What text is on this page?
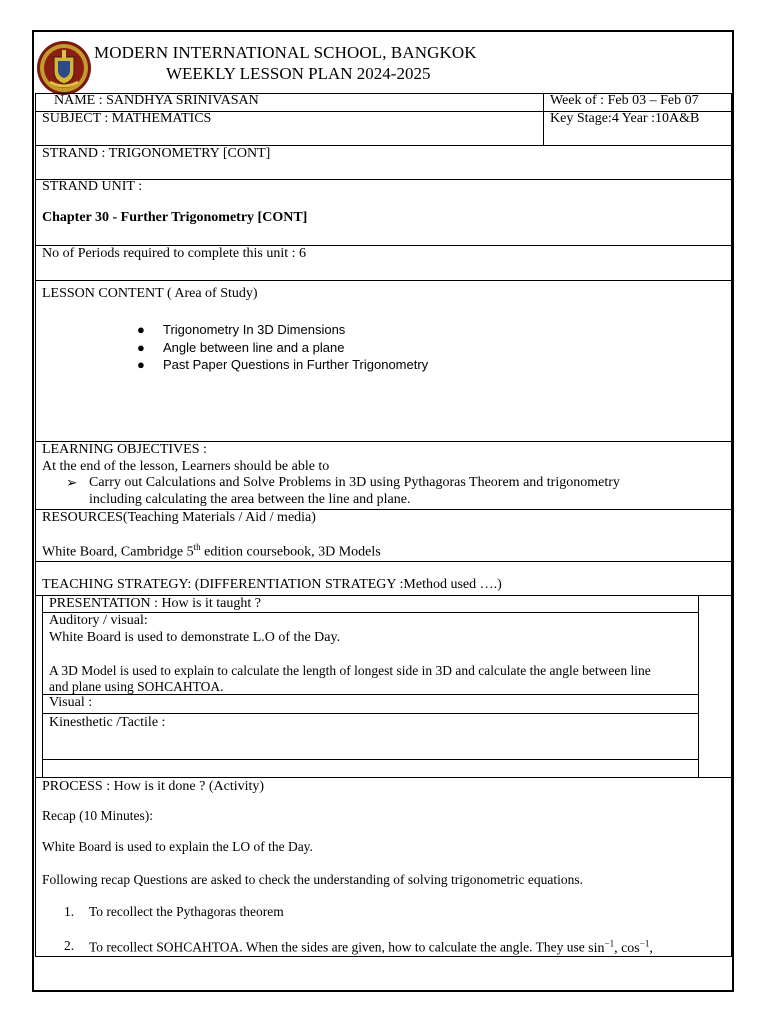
MODERN INTERNATIONAL SCHOOL, BANGKOK
WEEKLY LESSON PLAN 2024-2025
NAME : SANDHYA SRINIVASAN	Week of : Feb 03 – Feb 07
SUBJECT : MATHEMATICS	Key Stage:4 Year :10A&B
STRAND : TRIGONOMETRY [CONT]
STRAND UNIT :
Chapter 30 - Further Trigonometry [CONT]
No of Periods required to complete this unit : 6
LESSON CONTENT ( Area of Study)
● Trigonometry In 3D Dimensions
● Angle between line and a plane
● Past Paper Questions in Further Trigonometry
LEARNING OBJECTIVES :
At the end of the lesson, Learners should be able to
➢ Carry out Calculations and Solve Problems in 3D using Pythagoras Theorem and trigonometry
including calculating the area between the line and plane.
RESOURCES(Teaching Materials / Aid / media)
White Board, Cambridge 5th edition coursebook, 3D Models
TEACHING STRATEGY: (DIFFERENTIATION STRATEGY :Method used ….)
PRESENTATION : How is it taught ?
Auditory / visual:
White Board is used to demonstrate L.O of the Day.
A 3D Model is used to explain to calculate the length of longest side in 3D and calculate the angle between line
and plane using SOHCAHTOA.
Visual :
Kinesthetic /Tactile :
PROCESS : How is it done ? (Activity)
Recap (10 Minutes):
White Board is used to explain the LO of the Day.
Following recap Questions are asked to check the understanding of solving trigonometric equations.
1. To recollect the Pythagoras theorem
2. To recollect SOHCAHTOA. When the sides are given, how to calculate the angle. They use $\sin^{-1}$, $\cos^{-1}$,
